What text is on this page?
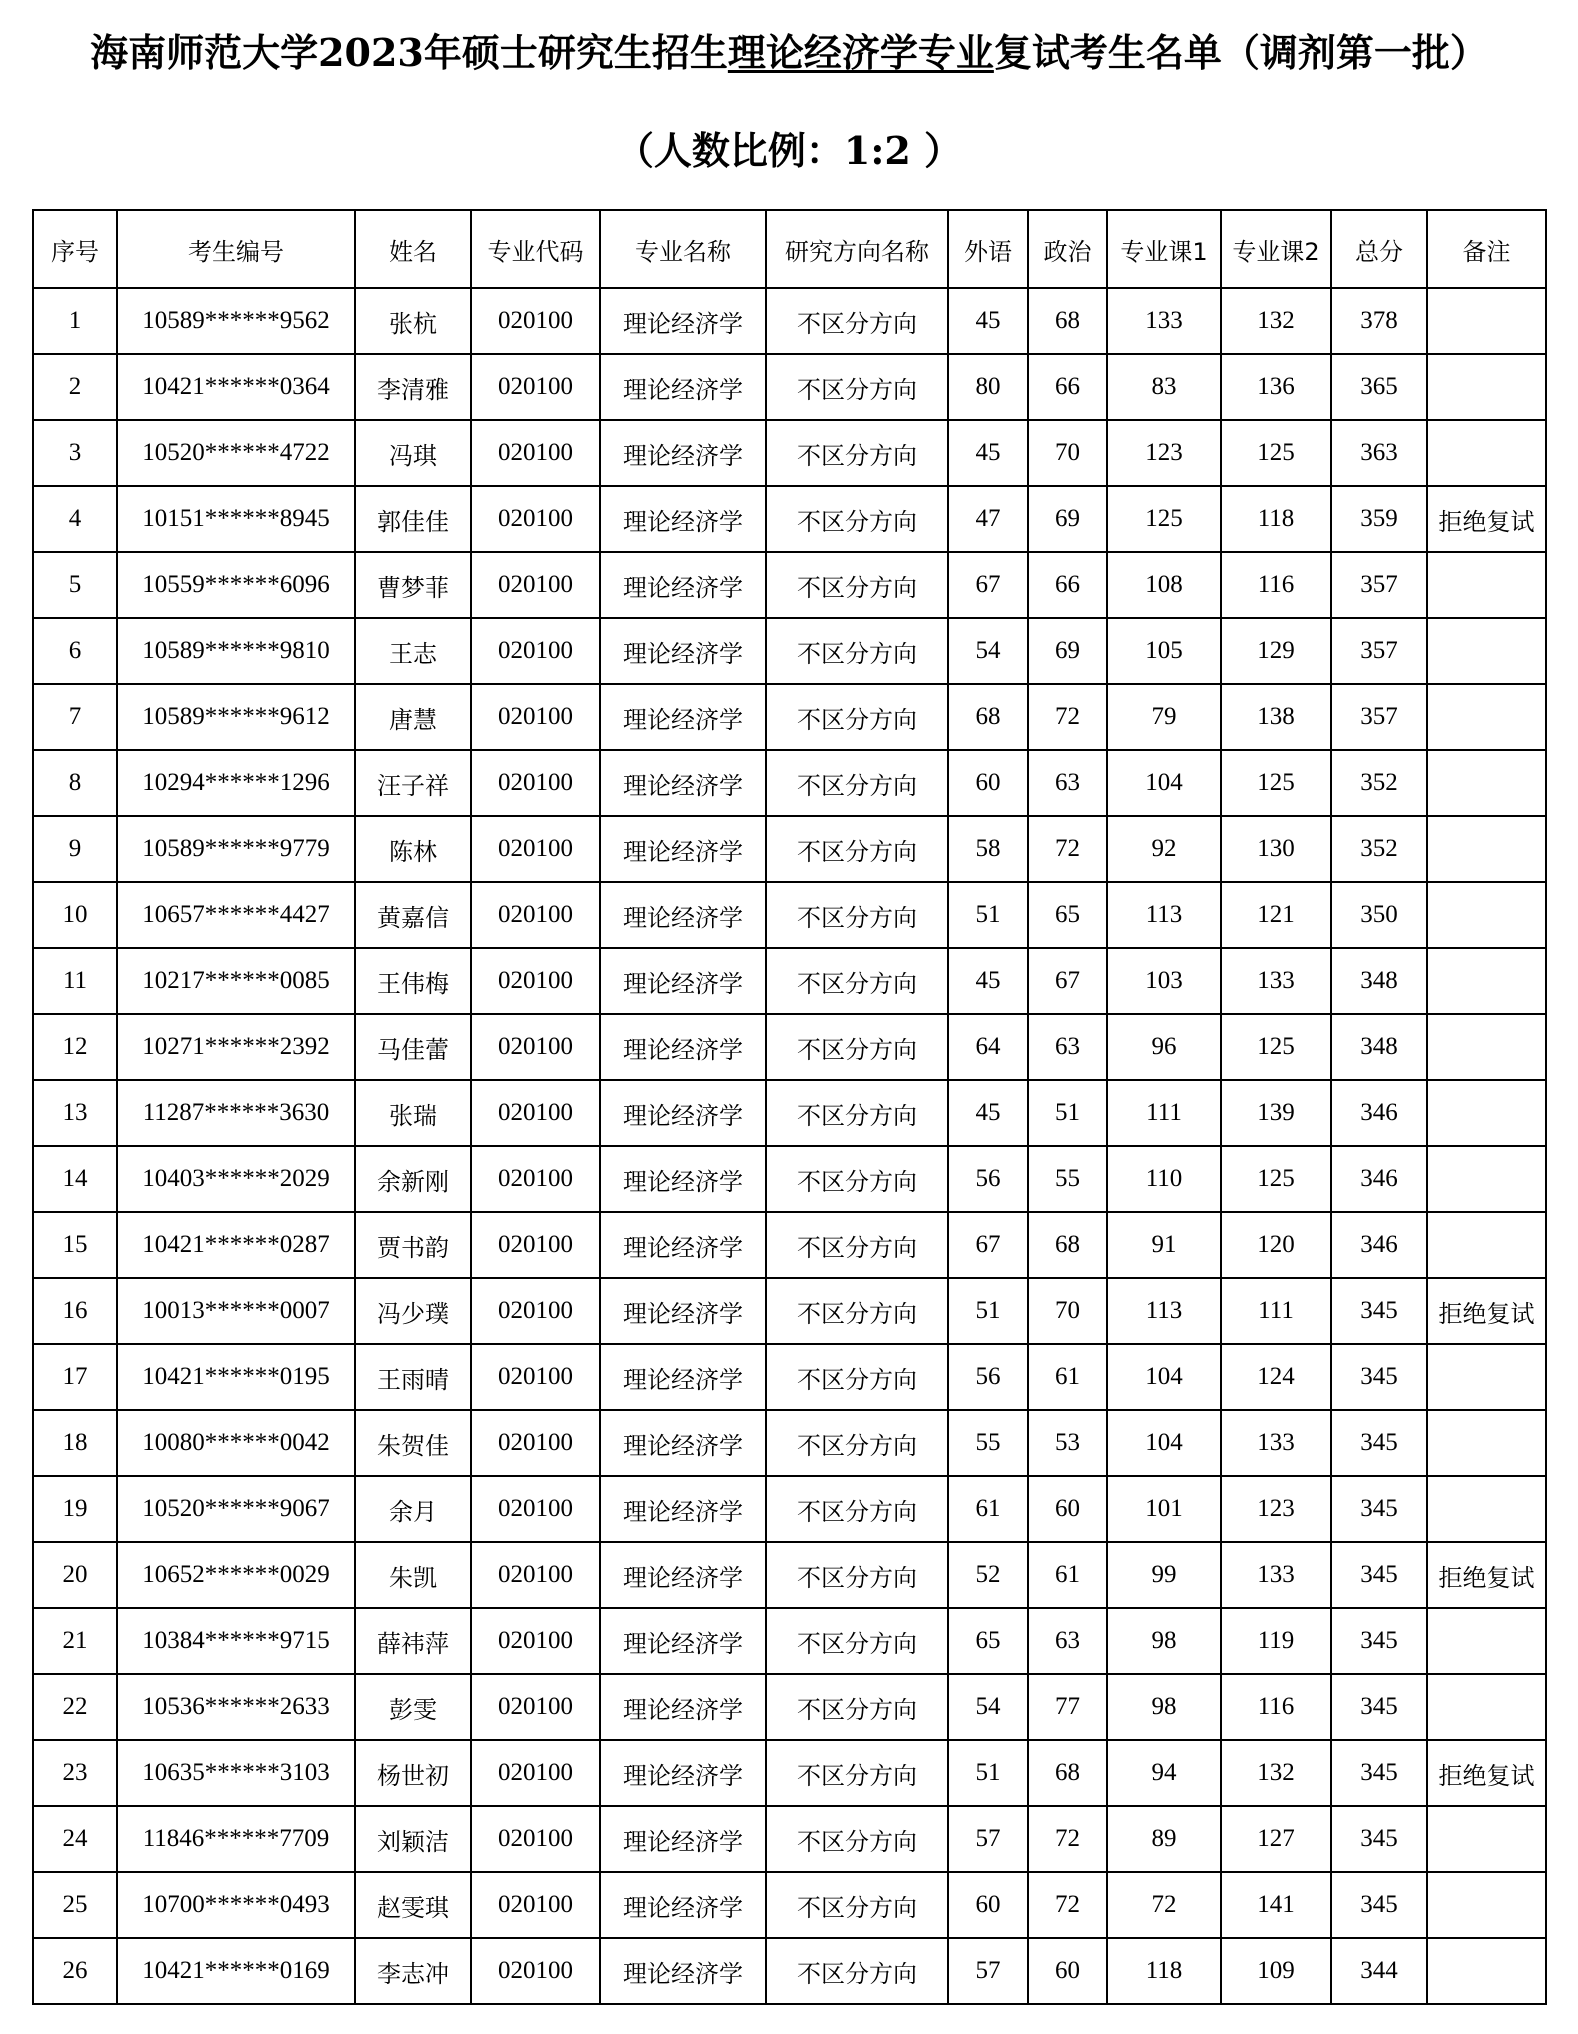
海南师范大学2023年硕士研究生招生理论经济学专业复试考生名单（调剂第一批）
（人数比例：1:2 ）
序号	考生编号	姓名	专业代码	专业名称	研究方向名称	外语	政治	专业课1	专业课2	总分	备注
1	10589******9562	张杭	020100	理论经济学	不区分方向	45	68	133	132	378	
2	10421******0364	李清雅	020100	理论经济学	不区分方向	80	66	83	136	365	
3	10520******4722	冯琪	020100	理论经济学	不区分方向	45	70	123	125	363	
4	10151******8945	郭佳佳	020100	理论经济学	不区分方向	47	69	125	118	359	拒绝复试
5	10559******6096	曹梦菲	020100	理论经济学	不区分方向	67	66	108	116	357	
6	10589******9810	王志	020100	理论经济学	不区分方向	54	69	105	129	357	
7	10589******9612	唐慧	020100	理论经济学	不区分方向	68	72	79	138	357	
8	10294******1296	汪子祥	020100	理论经济学	不区分方向	60	63	104	125	352	
9	10589******9779	陈林	020100	理论经济学	不区分方向	58	72	92	130	352	
10	10657******4427	黄嘉信	020100	理论经济学	不区分方向	51	65	113	121	350	
11	10217******0085	王伟梅	020100	理论经济学	不区分方向	45	67	103	133	348	
12	10271******2392	马佳蕾	020100	理论经济学	不区分方向	64	63	96	125	348	
13	11287******3630	张瑞	020100	理论经济学	不区分方向	45	51	111	139	346	
14	10403******2029	余新刚	020100	理论经济学	不区分方向	56	55	110	125	346	
15	10421******0287	贾书韵	020100	理论经济学	不区分方向	67	68	91	120	346	
16	10013******0007	冯少璞	020100	理论经济学	不区分方向	51	70	113	111	345	拒绝复试
17	10421******0195	王雨晴	020100	理论经济学	不区分方向	56	61	104	124	345	
18	10080******0042	朱贺佳	020100	理论经济学	不区分方向	55	53	104	133	345	
19	10520******9067	余月	020100	理论经济学	不区分方向	61	60	101	123	345	
20	10652******0029	朱凯	020100	理论经济学	不区分方向	52	61	99	133	345	拒绝复试
21	10384******9715	薛祎萍	020100	理论经济学	不区分方向	65	63	98	119	345	
22	10536******2633	彭雯	020100	理论经济学	不区分方向	54	77	98	116	345	
23	10635******3103	杨世初	020100	理论经济学	不区分方向	51	68	94	132	345	拒绝复试
24	11846******7709	刘颖洁	020100	理论经济学	不区分方向	57	72	89	127	345	
25	10700******0493	赵雯琪	020100	理论经济学	不区分方向	60	72	72	141	345	
26	10421******0169	李志冲	020100	理论经济学	不区分方向	57	60	118	109	344	
